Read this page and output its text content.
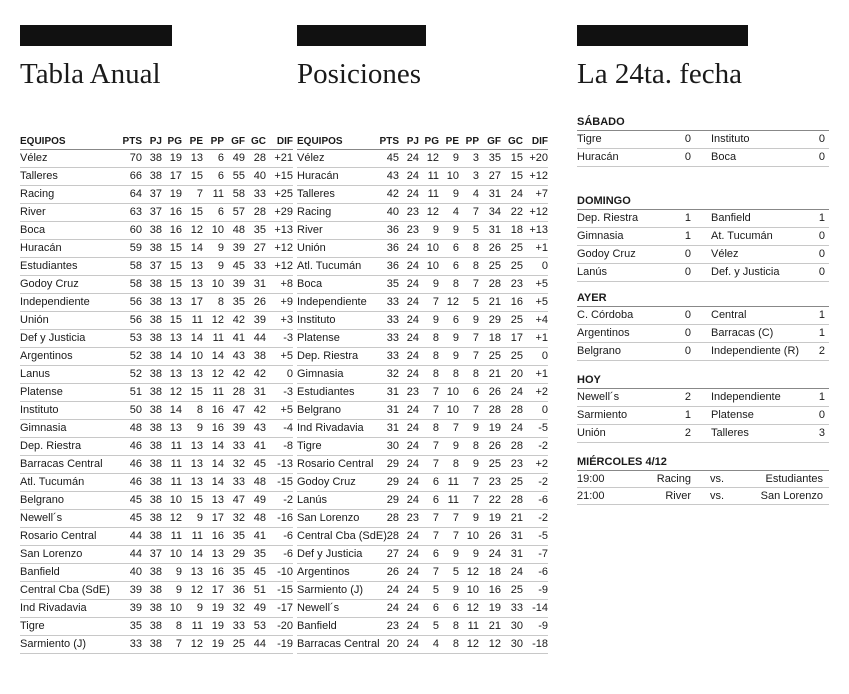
Tabla Anual
EQUIPOS	PTS	PJ	PG	PE	PP	GF	GC	DIF
Vélez	70	38	19	13	6	49	28	+21
Talleres	66	38	17	15	6	55	40	+15
Racing	64	37	19	7	11	58	33	+25
River	63	37	16	15	6	57	28	+29
Boca	60	38	16	12	10	48	35	+13
Huracán	59	38	15	14	9	39	27	+12
Estudiantes	58	37	15	13	9	45	33	+12
Godoy Cruz	58	38	15	13	10	39	31	+8
Independiente	56	38	13	17	8	35	26	+9
Unión	56	38	15	11	12	42	39	+3
Def y Justicia	53	38	13	14	11	41	44	-3
Argentinos	52	38	14	10	14	43	38	+5
Lanus	52	38	13	13	12	42	42	0
Platense	51	38	12	15	11	28	31	-3
Instituto	50	38	14	8	16	47	42	+5
Gimnasia	48	38	13	9	16	39	43	-4
Dep. Riestra	46	38	11	13	14	33	41	-8
Barracas Central	46	38	11	13	14	32	45	-13
Atl. Tucumán	46	38	11	13	14	33	48	-15
Belgrano	45	38	10	15	13	47	49	-2
Newell´s	45	38	12	9	17	32	48	-16
Rosario Central	44	38	11	11	16	35	41	-6
San Lorenzo	44	37	10	14	13	29	35	-6
Banfield	40	38	9	13	16	35	45	-10
Central Cba (SdE)	39	38	9	12	17	36	51	-15
Ind Rivadavia	39	38	10	9	19	32	49	-17
Tigre	35	38	8	11	19	33	53	-20
Sarmiento (J)	33	38	7	12	19	25	44	-19
Posiciones
EQUIPOS	PTS	PJ	PG	PE	PP	GF	GC	DIF
Vélez	45	24	12	9	3	35	15	+20
Huracán	43	24	11	10	3	27	15	+12
Talleres	42	24	11	9	4	31	24	+7
Racing	40	23	12	4	7	34	22	+12
River	36	23	9	9	5	31	18	+13
Unión	36	24	10	6	8	26	25	+1
Atl. Tucumán	36	24	10	6	8	25	25	0
Boca	35	24	9	8	7	28	23	+5
Independiente	33	24	7	12	5	21	16	+5
Instituto	33	24	9	6	9	29	25	+4
Platense	33	24	8	9	7	18	17	+1
Dep. Riestra	33	24	8	9	7	25	25	0
Gimnasia	32	24	8	8	8	21	20	+1
Estudiantes	31	23	7	10	6	26	24	+2
Belgrano	31	24	7	10	7	28	28	0
Ind Rivadavia	31	24	8	7	9	19	24	-5
Tigre	30	24	7	9	8	26	28	-2
Rosario Central	29	24	7	8	9	25	23	+2
Godoy Cruz	29	24	6	11	7	23	25	-2
Lanús	29	24	6	11	7	22	28	-6
San Lorenzo	28	23	7	7	9	19	21	-2
Central Cba (SdE)	28	24	7	7	10	26	31	-5
Def y Justicia	27	24	6	9	9	24	31	-7
Argentinos	26	24	7	5	12	18	24	-6
Sarmiento (J)	24	24	5	9	10	16	25	-9
Newell´s	24	24	6	6	12	19	33	-14
Banfield	23	24	5	8	11	21	30	-9
Barracas Central	20	24	4	8	12	12	30	-18
La 24ta. fecha
SÁBADO
Tigre	0 Instituto	0
Huracán	0 Boca	0
DOMINGO
Dep. Riestra	1 Banfield	1
Gimnasia	1 At. Tucumán	0
Godoy Cruz	0 Vélez	0
Lanús	0 Def. y Justicia	0
AYER
C. Córdoba	0 Central	1
Argentinos	0 Barracas (C)	1
Belgrano	0 Independiente (R) 2
HOY
Newell´s	2 Independiente	1
Sarmiento	1 Platense	0
Unión	2 Talleres	3
MIÉRCOLES 4/12
19:00	Racing vs.	Estudiantes
21:00	River vs.	San Lorenzo
